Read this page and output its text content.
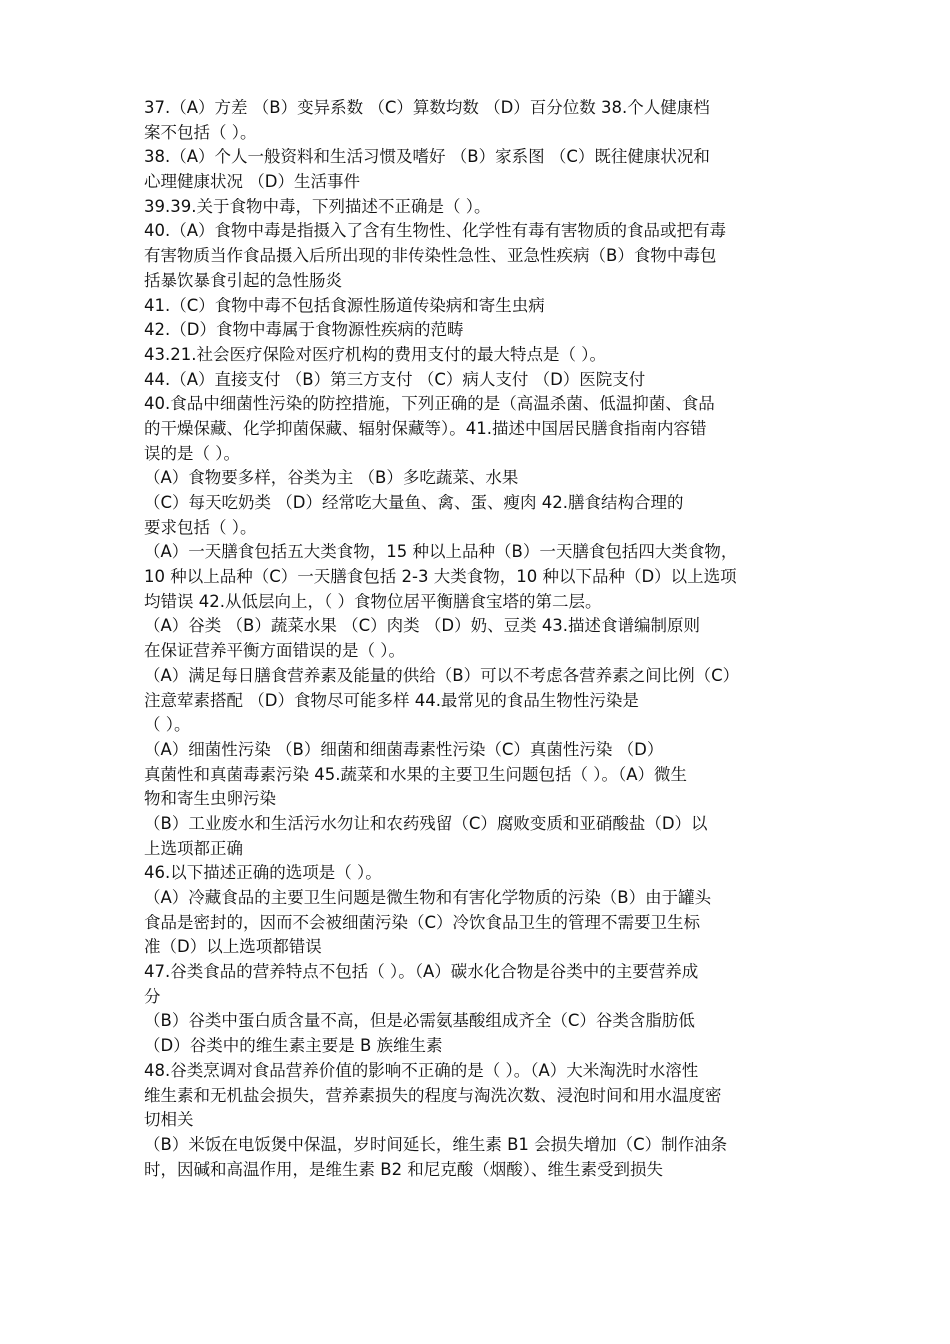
37.（A）方差 （B）变异系数 （C）算数均数 （D）百分位数 38.个人健康档
案不包括（ ）。
38.（A）个人一般资料和生活习惯及嗜好 （B）家系图 （C）既往健康状况和
心理健康状况 （D）生活事件
39.39.关于食物中毒，下列描述不正确是（ ）。
40.（A）食物中毒是指摄入了含有生物性、化学性有毒有害物质的食品或把有毒
有害物质当作食品摄入后所出现的非传染性急性、亚急性疾病（B）食物中毒包
括暴饮暴食引起的急性肠炎
41.（C）食物中毒不包括食源性肠道传染病和寄生虫病
42.（D）食物中毒属于食物源性疾病的范畴
43.21.社会医疗保险对医疗机构的费用支付的最大特点是（ ）。
44.（A）直接支付 （B）第三方支付 （C）病人支付 （D）医院支付
40.食品中细菌性污染的防控措施，下列正确的是（高温杀菌、低温抑菌、食品
的干燥保藏、化学抑菌保藏、辐射保藏等）。41.描述中国居民膳食指南内容错
误的是（ ）。
（A）食物要多样，谷类为主 （B）多吃蔬菜、水果
（C）每天吃奶类 （D）经常吃大量鱼、禽、蛋、瘦肉 42.膳食结构合理的
要求包括（ ）。
（A）一天膳食包括五大类食物，15 种以上品种（B）一天膳食包括四大类食物，
10 种以上品种（C）一天膳食包括 2-3 大类食物，10 种以下品种（D）以上选项
均错误 42.从低层向上，（ ）食物位居平衡膳食宝塔的第二层。
（A）谷类 （B）蔬菜水果 （C）肉类 （D）奶、豆类 43.描述食谱编制原则
在保证营养平衡方面错误的是（ ）。
（A）满足每日膳食营养素及能量的供给（B）可以不考虑各营养素之间比例（C）
注意荤素搭配 （D）食物尽可能多样 44.最常见的食品生物性污染是
（ ）。
（A）细菌性污染 （B）细菌和细菌毒素性污染（C）真菌性污染 （D）
真菌性和真菌毒素污染 45.蔬菜和水果的主要卫生问题包括（ ）。（A）微生
物和寄生虫卵污染
（B）工业废水和生活污水勿让和农药残留（C）腐败变质和亚硝酸盐（D）以
上选项都正确
46.以下描述正确的选项是（ ）。
（A）冷藏食品的主要卫生问题是微生物和有害化学物质的污染（B）由于罐头
食品是密封的，因而不会被细菌污染（C）冷饮食品卫生的管理不需要卫生标
准（D）以上选项都错误
47.谷类食品的营养特点不包括（ ）。（A）碳水化合物是谷类中的主要营养成
分
（B）谷类中蛋白质含量不高，但是必需氨基酸组成齐全（C）谷类含脂肪低
（D）谷类中的维生素主要是 B 族维生素
48.谷类烹调对食品营养价值的影响不正确的是（ ）。（A）大米淘洗时水溶性
维生素和无机盐会损失，营养素损失的程度与淘洗次数、浸泡时间和用水温度密
切相关
（B）米饭在电饭煲中保温，岁时间延长，维生素 B1 会损失增加（C）制作油条
时，因碱和高温作用，是维生素 B2 和尼克酸（烟酸）、维生素受到损失
